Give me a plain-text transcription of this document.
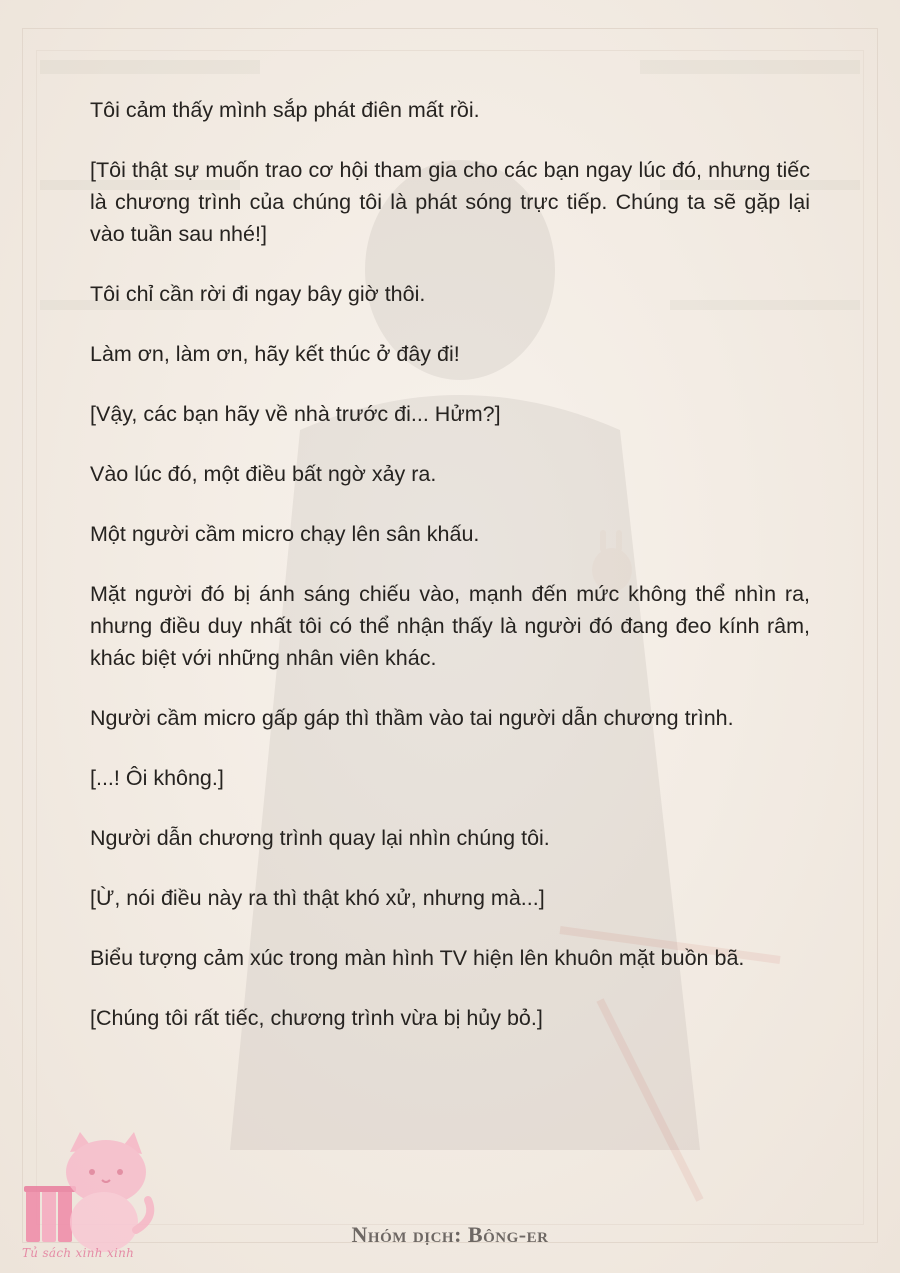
Tôi cảm thấy mình sắp phát điên mất rồi.

[Tôi thật sự muốn trao cơ hội tham gia cho các bạn ngay lúc đó, nhưng tiếc là chương trình của chúng tôi là phát sóng trực tiếp. Chúng ta sẽ gặp lại vào tuần sau nhé!]

Tôi chỉ cần rời đi ngay bây giờ thôi.

Làm ơn, làm ơn, hãy kết thúc ở đây đi!

[Vậy, các bạn hãy về nhà trước đi... Hửm?]

Vào lúc đó, một điều bất ngờ xảy ra.

Một người cầm micro chạy lên sân khấu.

Mặt người đó bị ánh sáng chiếu vào, mạnh đến mức không thể nhìn ra, nhưng điều duy nhất tôi có thể nhận thấy là người đó đang đeo kính râm, khác biệt với những nhân viên khác.

Người cầm micro gấp gáp thì thầm vào tai người dẫn chương trình.

[...! Ôi không.]

Người dẫn chương trình quay lại nhìn chúng tôi.

[Ừ, nói điều này ra thì thật khó xử, nhưng mà...]

Biểu tượng cảm xúc trong màn hình TV hiện lên khuôn mặt buồn bã.

[Chúng tôi rất tiếc, chương trình vừa bị hủy bỏ.]

Tủ sách xinh xinh
Nhóm dịch: Bông-er
